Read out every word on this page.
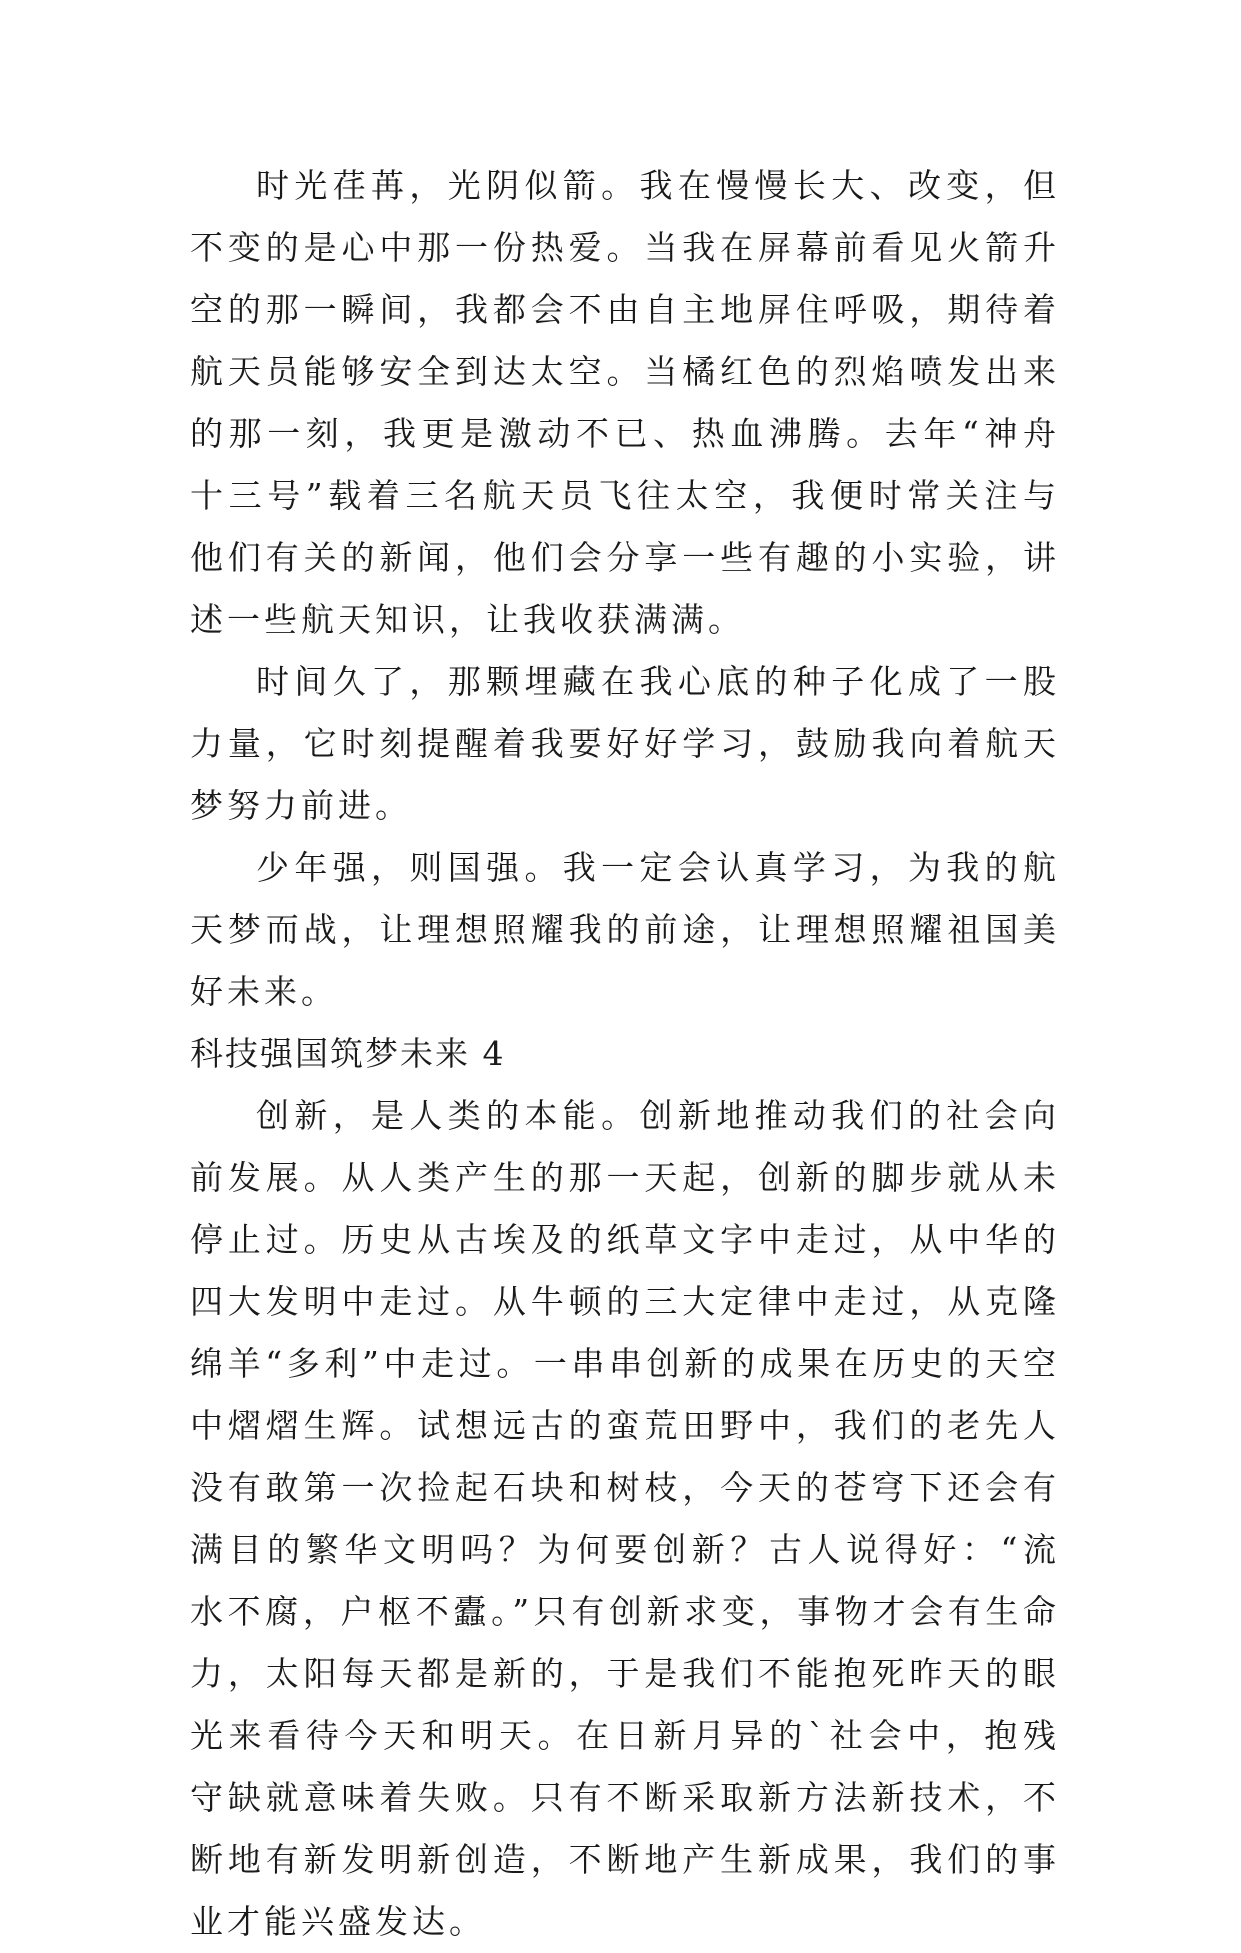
时光荏苒，光阴似箭。我在慢慢长大、改变，但不变的是心中那一份热爱。当我在屏幕前看见火箭升空的那一瞬间，我都会不由自主地屏住呼吸，期待着航天员能够安全到达太空。当橘红色的烈焰喷发出来的那一刻，我更是激动不已、热血沸腾。去年“神舟十三号”载着三名航天员飞往太空，我便时常关注与他们有关的新闻，他们会分享一些有趣的小实验，讲述一些航天知识，让我收获满满。

时间久了，那颗埋藏在我心底的种子化成了一股力量，它时刻提醒着我要好好学习，鼓励我向着航天梦努力前进。

少年强，则国强。我一定会认真学习，为我的航天梦而战，让理想照耀我的前途，让理想照耀祖国美好未来。

科技强国筑梦未来 4

创新，是人类的本能。创新地推动我们的社会向前发展。从人类产生的那一天起，创新的脚步就从未停止过。历史从古埃及的纸草文字中走过，从中华的四大发明中走过。从牛顿的三大定律中走过，从克隆绵羊“多利”中走过。一串串创新的成果在历史的天空中熠熠生辉。试想远古的蛮荒田野中，我们的老先人没有敢第一次捡起石块和树枝，今天的苍穹下还会有满目的繁华文明吗？为何要创新？古人说得好：“流水不腐，户枢不蠹。”只有创新求变，事物才会有生命力，太阳每天都是新的，于是我们不能抱死昨天的眼光来看待今天和明天。在日新月异的`社会中，抱残守缺就意味着失败。只有不断采取新方法新技术，不断地有新发明新创造，不断地产生新成果，我们的事业才能兴盛发达。
